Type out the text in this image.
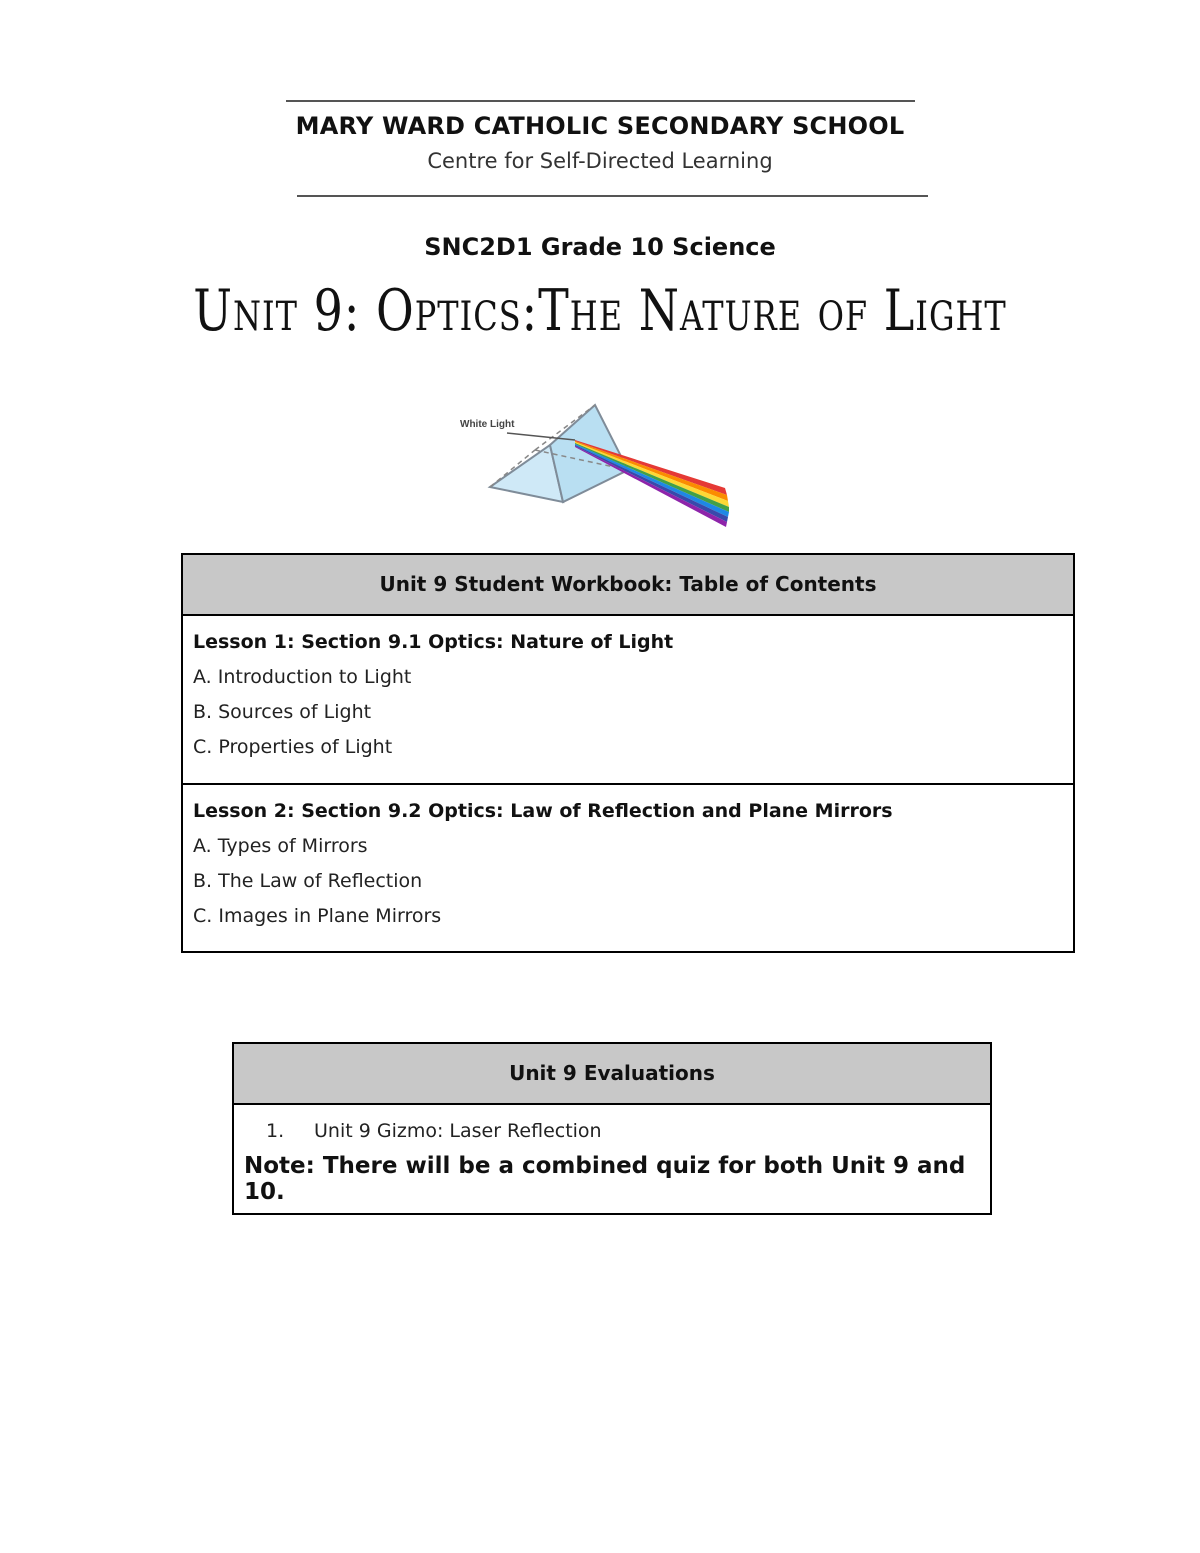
MARY WARD CATHOLIC SECONDARY SCHOOL
Centre for Self-Directed Learning
SNC2D1 Grade 10 Science
Unit 9: Optics:The Nature of Light
White Light
Unit 9 Student Workbook: Table of Contents
Lesson 1: Section 9.1 Optics: Nature of Light
A. Introduction to Light
B. Sources of Light
C. Properties of Light
Lesson 2: Section 9.2 Optics: Law of Reflection and Plane Mirrors
A. Types of Mirrors
B. The Law of Reflection
C. Images in Plane Mirrors
Unit 9 Evaluations
1. Unit 9 Gizmo: Laser Reflection
Note: There will be a combined quiz for both Unit 9 and 10.
